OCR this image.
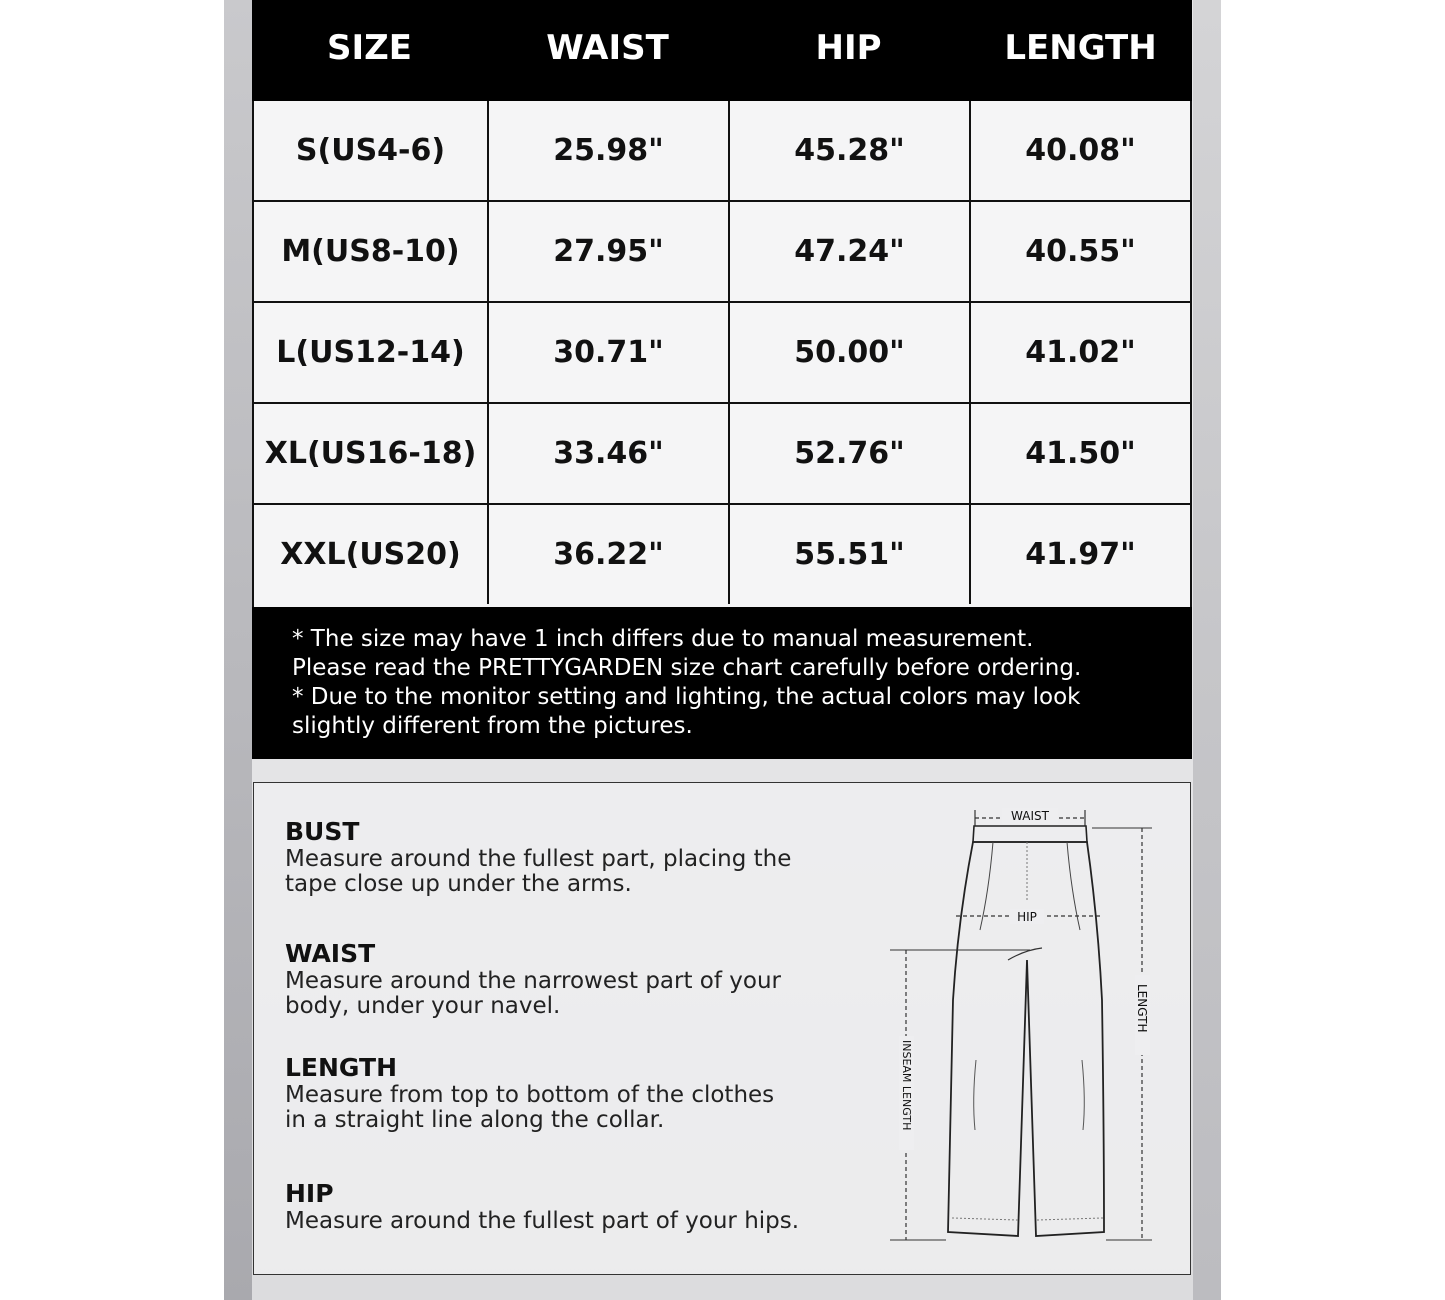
SIZE	WAIST	HIP	LENGTH
S(US4-6)	25.98"	45.28"	40.08"
M(US8-10)	27.95"	47.24"	40.55"
L(US12-14)	30.71"	50.00"	41.02"
XL(US16-18)	33.46"	52.76"	41.50"
XXL(US20)	36.22"	55.51"	41.97"
* The size may have 1 inch differs due to manual measurement.
Please read the PRETTYGARDEN size chart carefully before ordering.
* Due to the monitor setting and lighting, the actual colors may look
slightly different from the pictures.
BUST
Measure around the fullest part, placing the
tape close up under the arms.
WAIST
Measure around the narrowest part of your
body, under your navel.
LENGTH
Measure from top to bottom of the clothes
in a straight line along the collar.
HIP
Measure around the fullest part of your hips.
WAIST
HIP
LENGTH
INSEAM LENGTH
